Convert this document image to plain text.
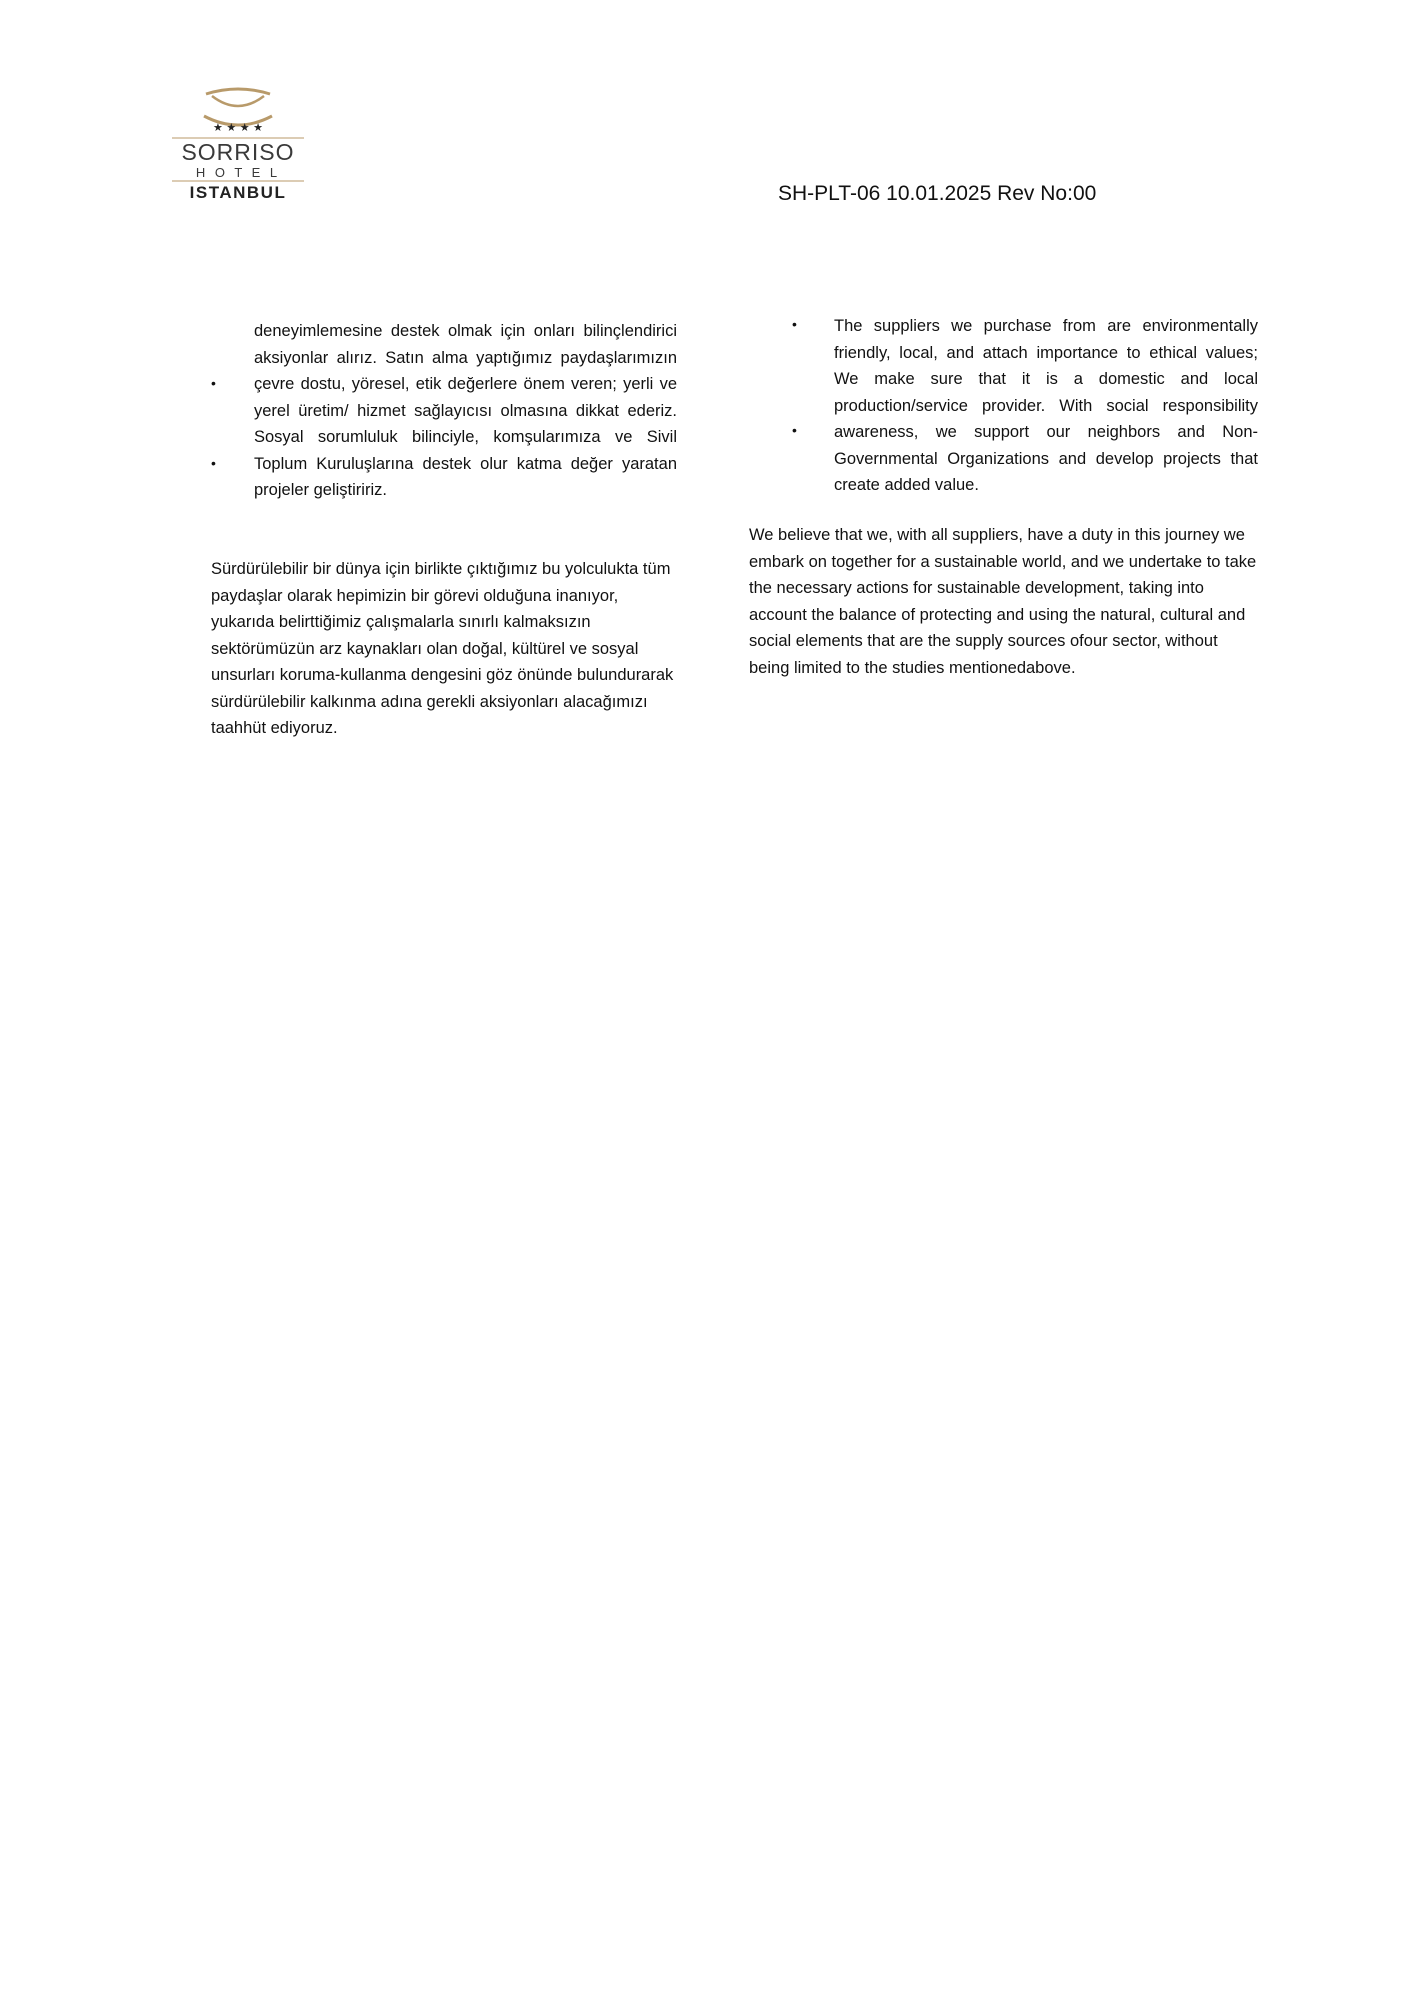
★ ★ ★ ★
SORRISO
H O T E L
ISTANBUL	SH-PLT-06 10.01.2025 Rev No:00
•
•
deneyimlemesine destek olmak için onları bilinçlendirici aksiyonlar alırız. Satın alma yaptığımız paydaşlarımızın çevre dostu, yöresel, etik değerlere önem veren; yerli ve yerel üretim/ hizmet sağlayıcısı olmasına dikkat ederiz. Sosyal sorumluluk bilinciyle, komşularımıza ve Sivil Toplum Kuruluşlarına destek olur katma değer yaratan projeler geliştiririz.
Sürdürülebilir bir dünya için birlikte çıktığımız bu yolculukta tüm paydaşlar olarak hepimizin bir görevi olduğuna inanıyor, yukarıda belirttiğimiz çalışmalarla sınırlı kalmaksızın sektörümüzün arz kaynakları olan doğal, kültürel ve sosyal unsurları koruma-kullanma dengesini göz önünde bulundurarak sürdürülebilir kalkınma adına gerekli aksiyonları alacağımızı taahhüt ediyoruz.
•
•
The suppliers we purchase from are environmentally friendly, local, and attach importance to ethical values; We make sure that it is a domestic and local production/service provider. With social responsibility awareness, we support our neighbors and Non-Governmental Organizations and develop projects that create added value.
We believe that we, with all suppliers, have a duty in this journey we embark on together for a sustainable world, and we undertake to take the necessary actions for sustainable development, taking into account the balance of protecting and using the natural, cultural and social elements that are the supply sources ofour sector, without being limited to the studies mentionedabove.
